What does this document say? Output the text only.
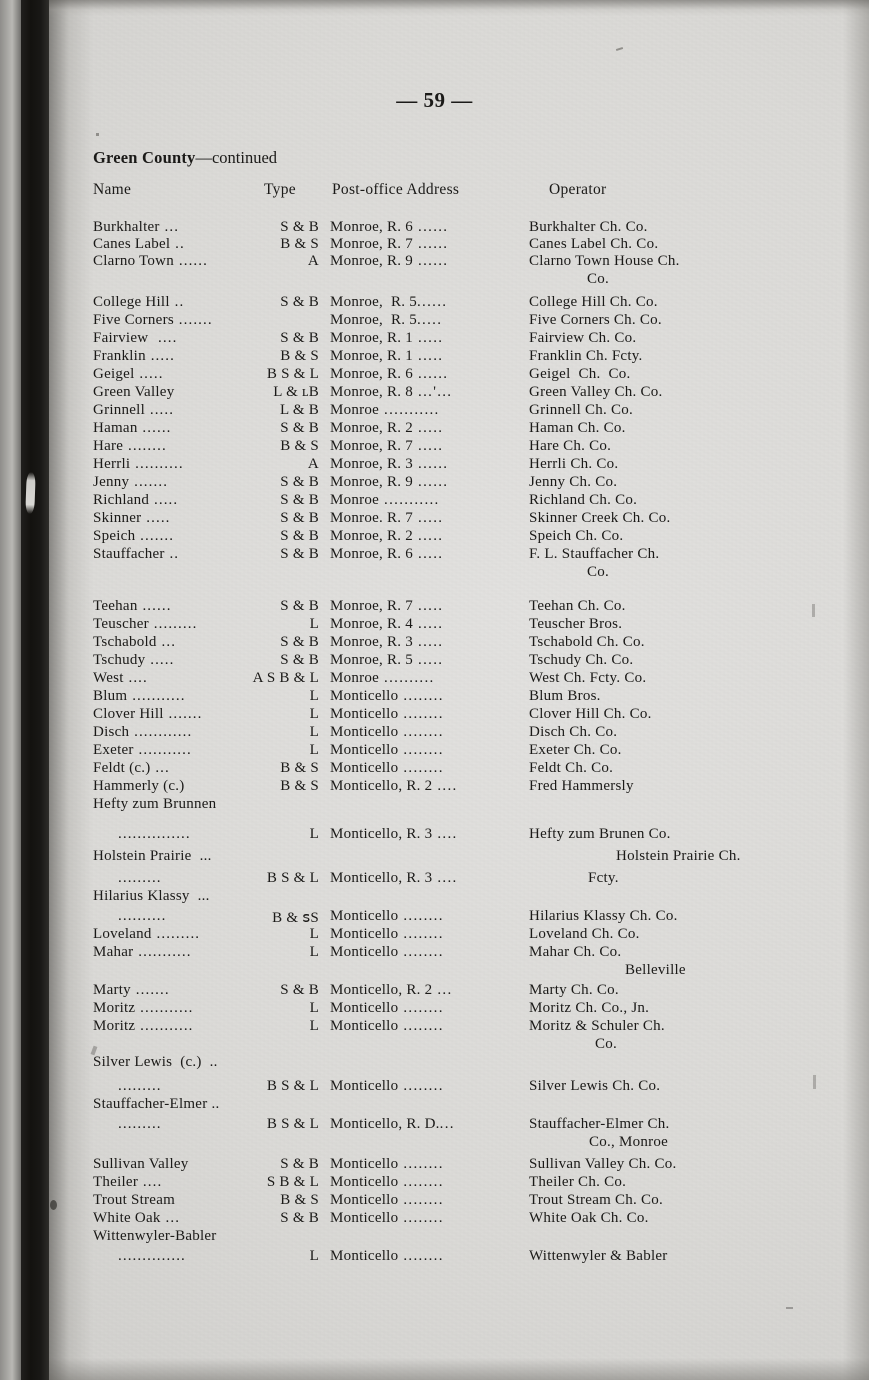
— 59 —
Green County—continued
Name	Type Post-office Address	Operator
Burkhalter ...	S & B Monroe, R. 6 ......	Burkhalter Ch. Co.
Canes Label ..	B & S Monroe, R. 7 ......	Canes Label Ch. Co.
Clarno Town ......	A Monroe, R. 9 ......	Clarno Town House Ch.
Co.
College Hill ..	S & B Monroe,  R. 5......	College Hill Ch. Co.
Five Corners .......	Monroe,  R. 5.....	Five Corners Ch. Co.
Fairview  ....	S & B Monroe, R. 1 .....	Fairview Ch. Co.
Franklin .....	B & S Monroe, R. 1 .....	Franklin Ch. Fcty.
Geigel .....	B S & L Monroe, R. 6 ......	Geigel  Ch.  Co.
Green Valley	L & ʟB Monroe, R. 8 ...'...	Green Valley Ch. Co.
Grinnell .....	L & B Monroe ...........	Grinnell Ch. Co.
Haman ......	S & B Monroe, R. 2 .....	Haman Ch. Co.
Hare ........	B & S Monroe, R. 7 .....	Hare Ch. Co.
Herrli ..........	A Monroe, R. 3 ......	Herrli Ch. Co.
Jenny .......	S & B Monroe, R. 9 ......	Jenny Ch. Co.
Richland .....	S & B Monroe ...........	Richland Ch. Co.
Skinner .....	S & B Monroe. R. 7 .....	Skinner Creek Ch. Co.
Speich .......	S & B Monroe, R. 2 .....	Speich Ch. Co.
Stauffacher ..	S & B Monroe, R. 6 .....	F. L. Stauffacher Ch.
Co.
Teehan ......	S & B Monroe, R. 7 .....	Teehan Ch. Co.
Teuscher .........	L Monroe, R. 4 .....	Teuscher Bros.
Tschabold ...	S & B Monroe, R. 3 .....	Tschabold Ch. Co.
Tschudy .....	S & B Monroe, R. 5 .....	Tschudy Ch. Co.
West ....	A S B & L Monroe ..........	West Ch. Fcty. Co.
Blum ...........	L Monticello ........	Blum Bros.
Clover Hill .......	L Monticello ........	Clover Hill Ch. Co.
Disch ............	L Monticello ........	Disch Ch. Co.
Exeter ...........	L Monticello ........	Exeter Ch. Co.
Feldt (c.) ...	B & S Monticello ........	Feldt Ch. Co.
Hammerly (c.)	B & S Monticello, R. 2 ....	Fred Hammersly
Hefty zum Brunnen
...............	L Monticello, R. 3 ....	Hefty zum Brunen Co.
Holstein Prairie  ...	Holstein Prairie Ch.
.........	B S & L Monticello, R. 3 ....	Fcty.
Hilarius Klassy  ...
..........	B & ꜱS Monticello ........	Hilarius Klassy Ch. Co.
Loveland .........	L Monticello ........	Loveland Ch. Co.
Mahar ...........	L Monticello ........	Mahar Ch. Co.
Belleville
Marty .......	S & B Monticello, R. 2 ...	Marty Ch. Co.
Moritz ...........	L Monticello ........	Moritz Ch. Co., Jn.
Moritz ...........	L Monticello ........	Moritz & Schuler Ch.
Co.
Silver Lewis  (c.)  ..
.........	B S & L Monticello ........	Silver Lewis Ch. Co.
Stauffacher-Elmer ..
.........	B S & L Monticello, R. D....	Stauffacher-Elmer Ch.
Co., Monroe
Sullivan Valley	S & B Monticello ........	Sullivan Valley Ch. Co.
Theiler ....	S B & L Monticello ........	Theiler Ch. Co.
Trout Stream	B & S Monticello ........	Trout Stream Ch. Co.
White Oak ...	S & B Monticello ........	White Oak Ch. Co.
Wittenwyler-Babler
..............	L Monticello ........	Wittenwyler & Babler
